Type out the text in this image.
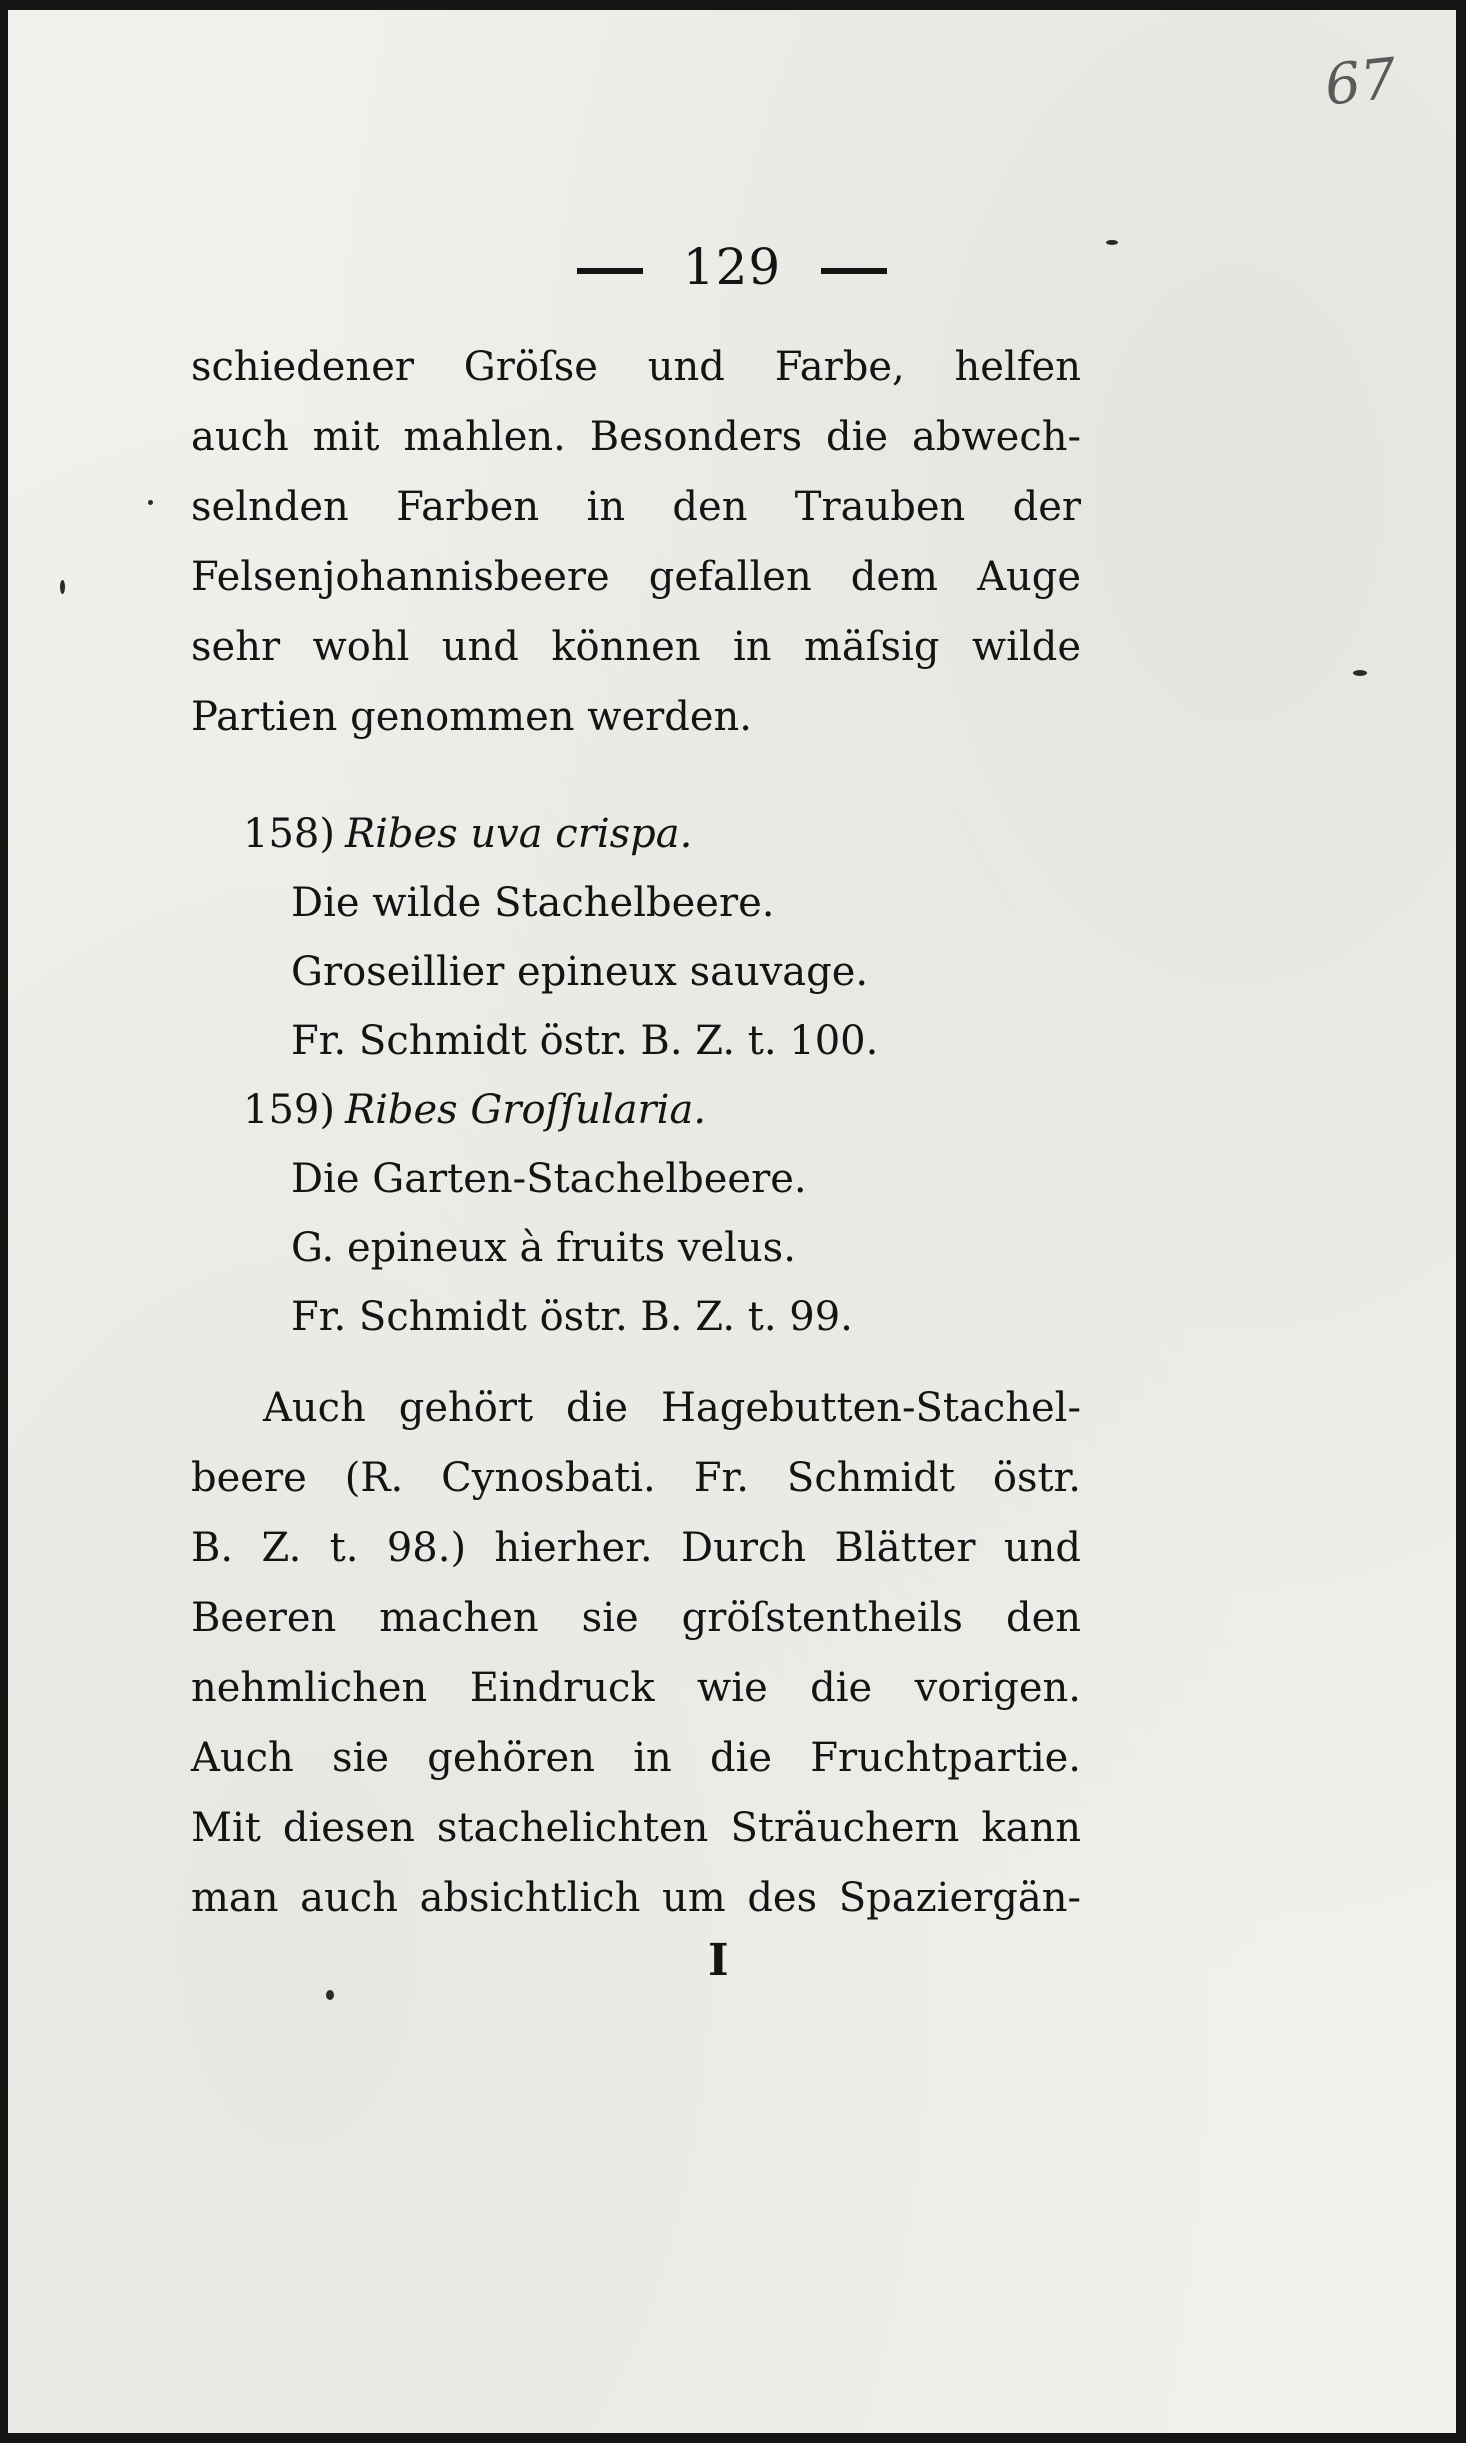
67
129
schiedener Gröſse und Farbe, helfen
auch mit mahlen. Besonders die abwech-
selnden Farben in den Trauben der
Felsenjohannisbeere gefallen dem Auge
sehr wohl und können in mäſsig wilde
Partien genommen werden.
158) Ribes uva crispa.
Die wilde Stachelbeere.
Groseillier epineux sauvage.
Fr. Schmidt östr. B. Z. t. 100.
159) Ribes Groſſularia.
Die Garten-Stachelbeere.
G. epineux à fruits velus.
Fr. Schmidt östr. B. Z. t. 99.
Auch gehört die Hagebutten-Stachel-
beere (R. Cynosbati. Fr. Schmidt östr.
B. Z. t. 98.) hierher. Durch Blätter und
Beeren machen sie gröſstentheils den
nehmlichen Eindruck wie die vorigen.
Auch sie gehören in die Fruchtpartie.
Mit diesen stachelichten Sträuchern kann
man auch absichtlich um des Spaziergän-
I
